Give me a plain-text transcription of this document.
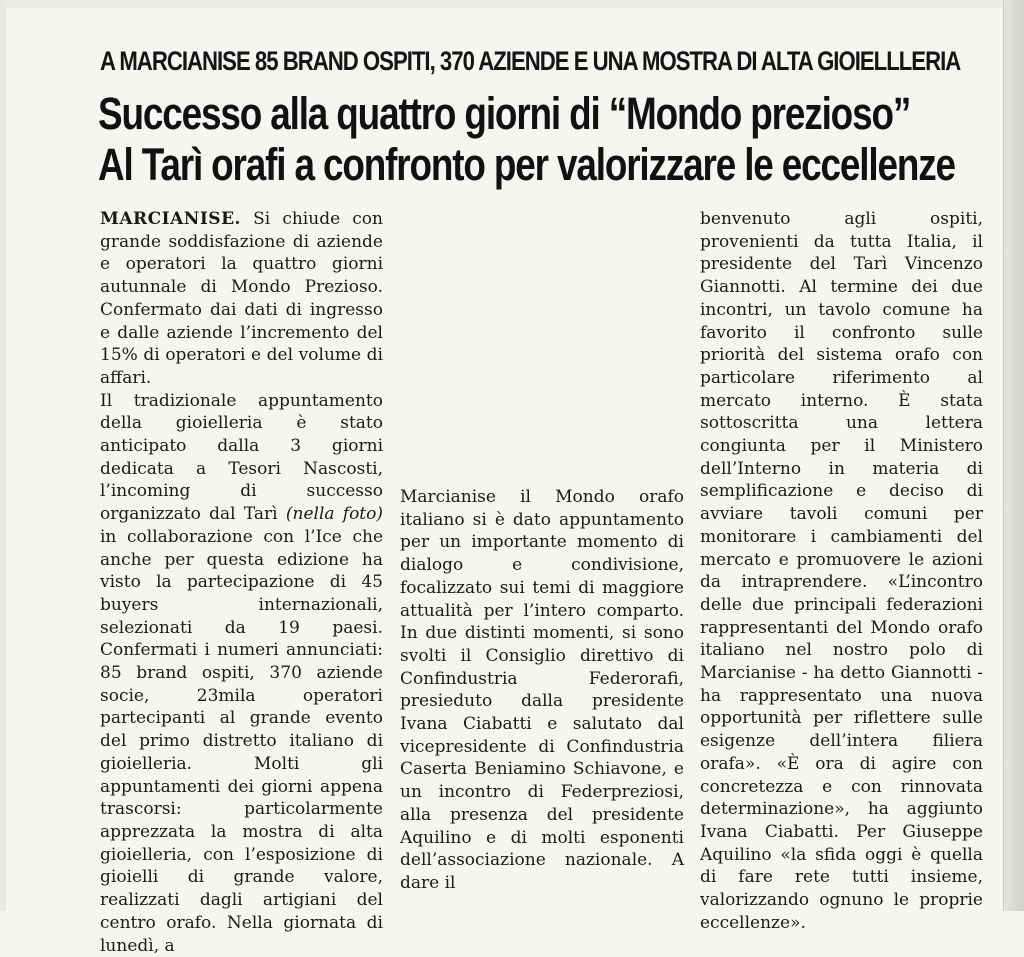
A MARCIANISE 85 BRAND OSPITI, 370 AZIENDE E UNA MOSTRA DI ALTA GIOIELLLERIA
Successo alla quattro giorni di “Mondo prezioso”
Al Tarì orafi a confronto per valorizzare le eccellenze

MARCIANISE. Si chiude con grande soddisfazione di aziende e operatori la quattro giorni autunnale di Mondo Prezioso. Confermato dai dati di ingresso e dalle aziende l’incremento del 15% di operatori e del volume di affari.

Il tradizionale appuntamento della gioielleria è stato anticipato dalla 3 giorni dedicata a Tesori Nascosti, l’incoming di successo organizzato dal Tarì (nella foto) in collaborazione con l’Ice che anche per questa edizione ha visto la partecipazione di 45 buyers internazionali, selezionati da 19 paesi. Confermati i numeri annunciati: 85 brand ospiti, 370 aziende socie, 23mila operatori partecipanti al grande evento del primo distretto italiano di gioielleria. Molti gli appuntamenti dei giorni appena trascorsi: particolarmente apprezzata la mostra di alta gioielleria, con l’esposizione di gioielli di grande valore, realizzati dagli artigiani del centro orafo. Nella giornata di lunedì, a

Marcianise il Mondo orafo italiano si è dato appuntamento per un importante momento di dialogo e condivisione, focalizzato sui temi di maggiore attualità per l’intero comparto. In due distinti momenti, si sono svolti il Consiglio direttivo di Confindustria Federorafi, presieduto dalla presidente Ivana Ciabatti e salutato dal vicepresidente di Confindustria Caserta Beniamino Schiavone, e un incontro di Federpreziosi, alla presenza del presidente Aquilino e di molti esponenti dell’associazione nazionale. A dare il

benvenuto agli ospiti, provenienti da tutta Italia, il presidente del Tarì Vincenzo Giannotti. Al termine dei due incontri, un tavolo comune ha favorito il confronto sulle priorità del sistema orafo con particolare riferimento al mercato interno. È stata sottoscritta una lettera congiunta per il Ministero dell’Interno in materia di semplificazione e deciso di avviare tavoli comuni per monitorare i cambiamenti del mercato e promuovere le azioni da intraprendere. «L’incontro delle due principali federazioni rappresentanti del Mondo orafo italiano nel nostro polo di Marcianise - ha detto Giannotti - ha rappresentato una nuova opportunità per riflettere sulle esigenze dell’intera filiera orafa». «È ora di agire con concretezza e con rinnovata determinazione», ha aggiunto Ivana Ciabatti. Per Giuseppe Aquilino «la sfida oggi è quella di fare rete tutti insieme, valorizzando ognuno le proprie eccellenze».
